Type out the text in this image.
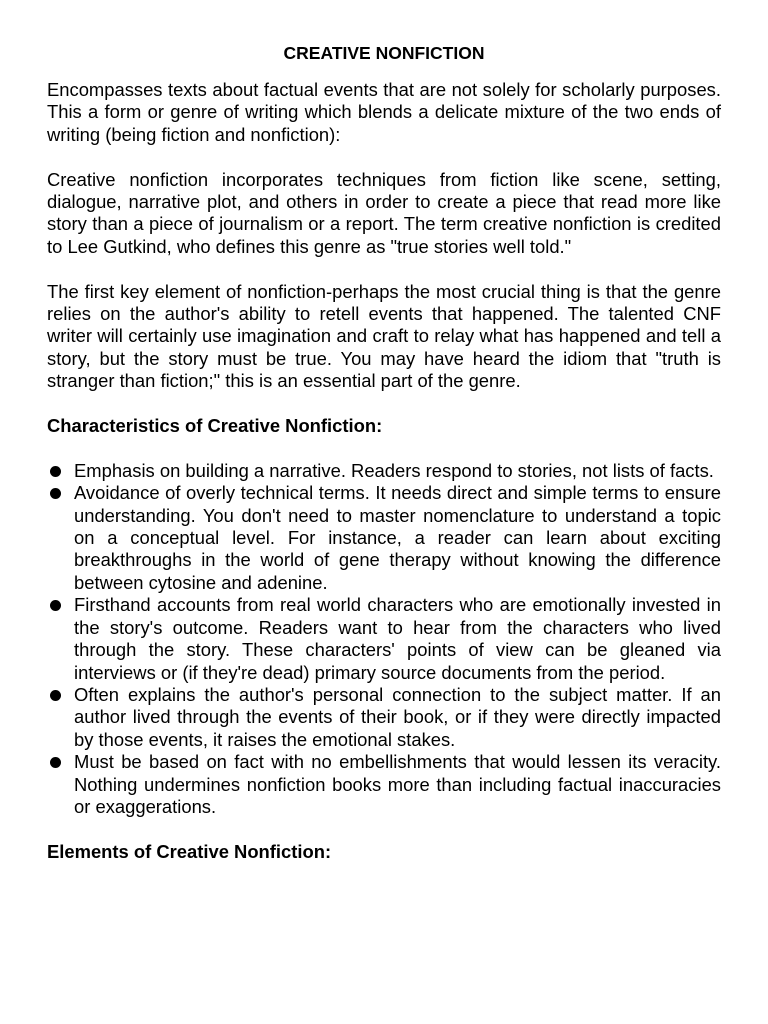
CREATIVE NONFICTION

Encompasses texts about factual events that are not solely for scholarly purposes. This a form or genre of writing which blends a delicate mixture of the two ends of writing (being fiction and nonfiction):

Creative nonfiction incorporates techniques from fiction like scene, setting, dialogue, narrative plot, and others in order to create a piece that read more like story than a piece of journalism or a report. The term creative nonfiction is credited to Lee Gutkind, who defines this genre as "true stories well told."

The first key element of nonfiction-perhaps the most crucial thing is that the genre relies on the author's ability to retell events that happened. The talented CNF writer will certainly use imagination and craft to relay what has happened and tell a story, but the story must be true. You may have heard the idiom that "truth is stranger than fiction;" this is an essential part of the genre.

Characteristics of Creative Nonfiction:
Emphasis on building a narrative. Readers respond to stories, not lists of facts.
Avoidance of overly technical terms. It needs direct and simple terms to ensure understanding. You don't need to master nomenclature to understand a topic on a conceptual level. For instance, a reader can learn about exciting breakthroughs in the world of gene therapy without knowing the difference between cytosine and adenine.
Firsthand accounts from real world characters who are emotionally invested in the story's outcome. Readers want to hear from the characters who lived through the story. These characters' points of view can be gleaned via interviews or (if they're dead) primary source documents from the period.
Often explains the author's personal connection to the subject matter. If an author lived through the events of their book, or if they were directly impacted by those events, it raises the emotional stakes.
Must be based on fact with no embellishments that would lessen its veracity. Nothing undermines nonfiction books more than including factual inaccuracies or exaggerations.
Elements of Creative Nonfiction:
